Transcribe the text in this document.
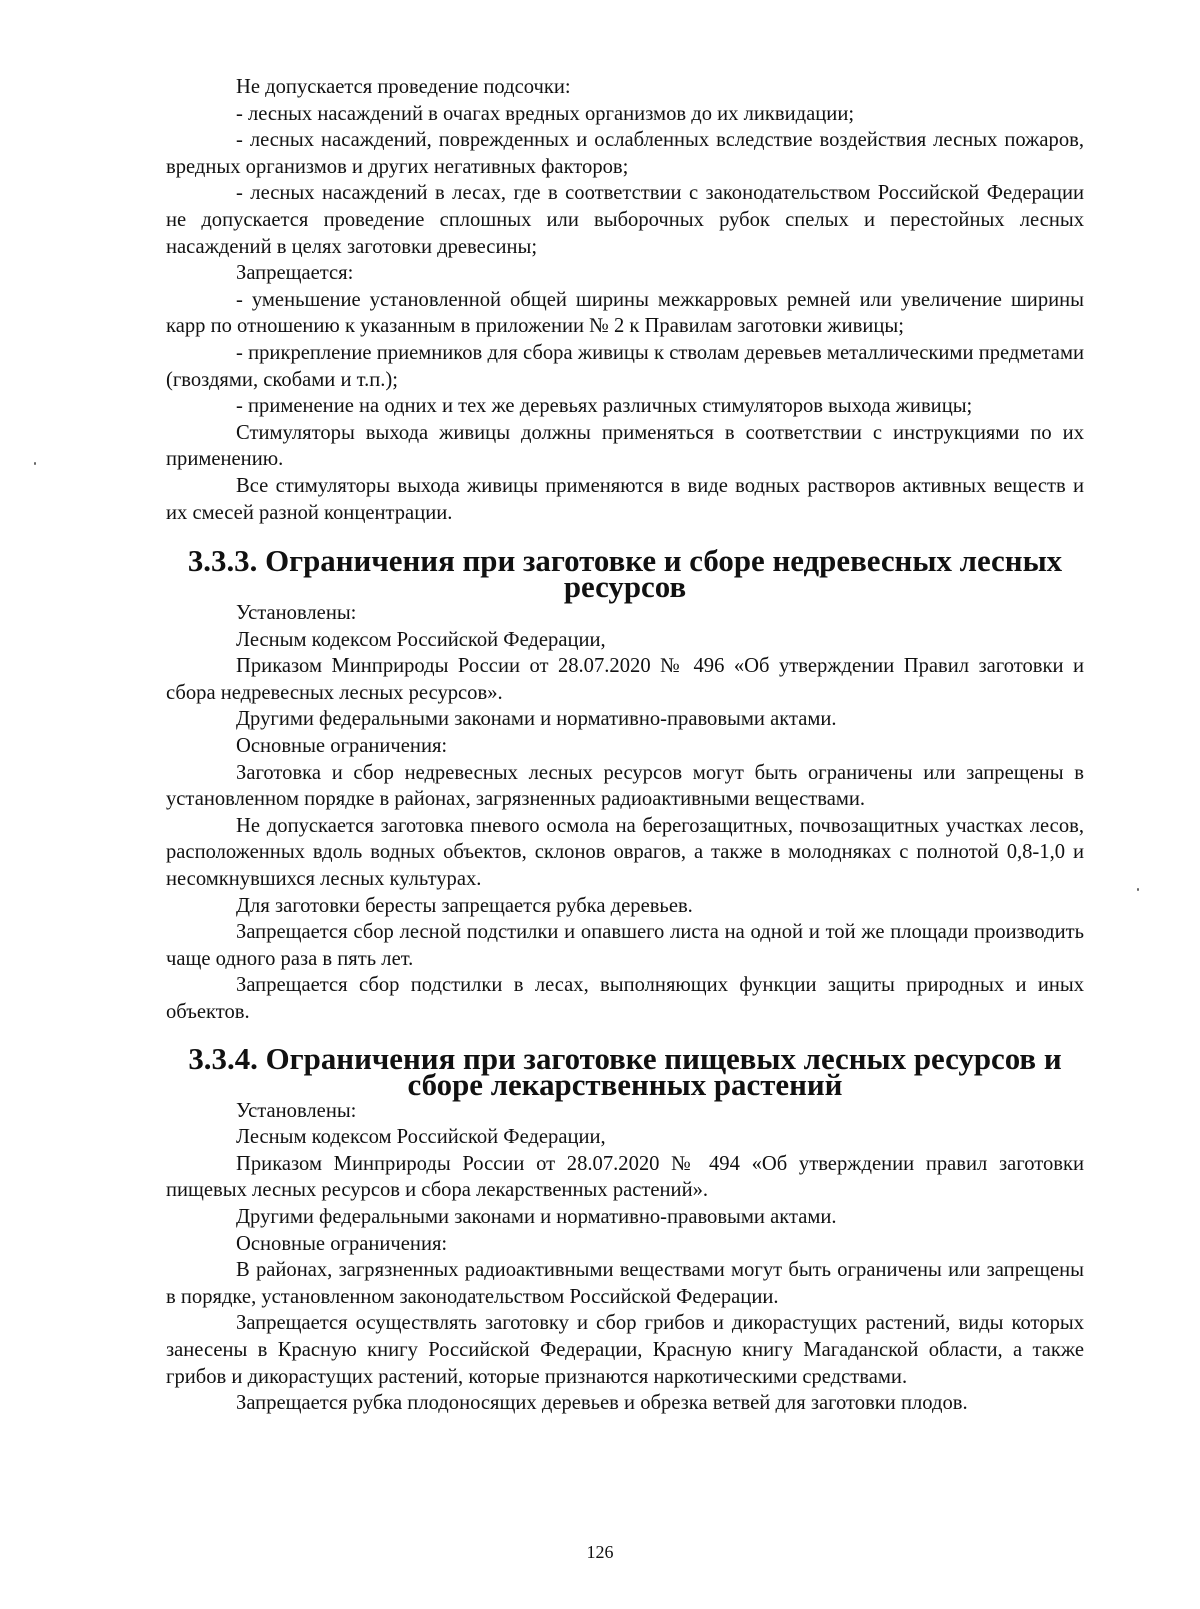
Не допускается проведение подсочки:

- лесных насаждений в очагах вредных организмов до их ликвидации;

- лесных насаждений, поврежденных и ослабленных вследствие воздействия лесных пожаров, вредных организмов и других негативных факторов;

- лесных насаждений в лесах, где в соответствии с законодательством Российской Федерации не допускается проведение сплошных или выборочных рубок спелых и перестойных лесных насаждений в целях заготовки древесины;

Запрещается:

- уменьшение установленной общей ширины межкарровых ремней или увеличение ширины карр по отношению к указанным в приложении № 2 к Правилам заготовки живицы;

- прикрепление приемников для сбора живицы к стволам деревьев металлическими предметами (гвоздями, скобами и т.п.);

- применение на одних и тех же деревьях различных стимуляторов выхода живицы;

Стимуляторы выхода живицы должны применяться в соответствии с инструкциями по их применению.

Все стимуляторы выхода живицы применяются в виде водных растворов активных веществ и их смесей разной концентрации.

3.3.3. Ограничения при заготовке и сборе недревесных лесных ресурсов

Установлены:

Лесным кодексом Российской Федерации,

Приказом Минприроды России от 28.07.2020 № 496 «Об утверждении Правил заготовки и сбора недревесных лесных ресурсов».

Другими федеральными законами и нормативно-правовыми актами.

Основные ограничения:

Заготовка и сбор недревесных лесных ресурсов могут быть ограничены или запрещены в установленном порядке в районах, загрязненных радиоактивными веществами.

Не допускается заготовка пневого осмола на берегозащитных, почвозащитных участках лесов, расположенных вдоль водных объектов, склонов оврагов, а также в молодняках с полнотой 0,8-1,0 и несомкнувшихся лесных культурах.

Для заготовки бересты запрещается рубка деревьев.

Запрещается сбор лесной подстилки и опавшего листа на одной и той же площади производить чаще одного раза в пять лет.

Запрещается сбор подстилки в лесах, выполняющих функции защиты природных и иных объектов.

3.3.4. Ограничения при заготовке пищевых лесных ресурсов и сборе лекарственных растений

Установлены:

Лесным кодексом Российской Федерации,

Приказом Минприроды России от 28.07.2020 № 494 «Об утверждении правил заготовки пищевых лесных ресурсов и сбора лекарственных растений».

Другими федеральными законами и нормативно-правовыми актами.

Основные ограничения:

В районах, загрязненных радиоактивными веществами могут быть ограничены или запрещены в порядке, установленном законодательством Российской Федерации.

Запрещается осуществлять заготовку и сбор грибов и дикорастущих растений, виды которых занесены в Красную книгу Российской Федерации, Красную книгу Магаданской области, а также грибов и дикорастущих растений, которые признаются наркотическими средствами.

Запрещается рубка плодоносящих деревьев и обрезка ветвей для заготовки плодов.

126
